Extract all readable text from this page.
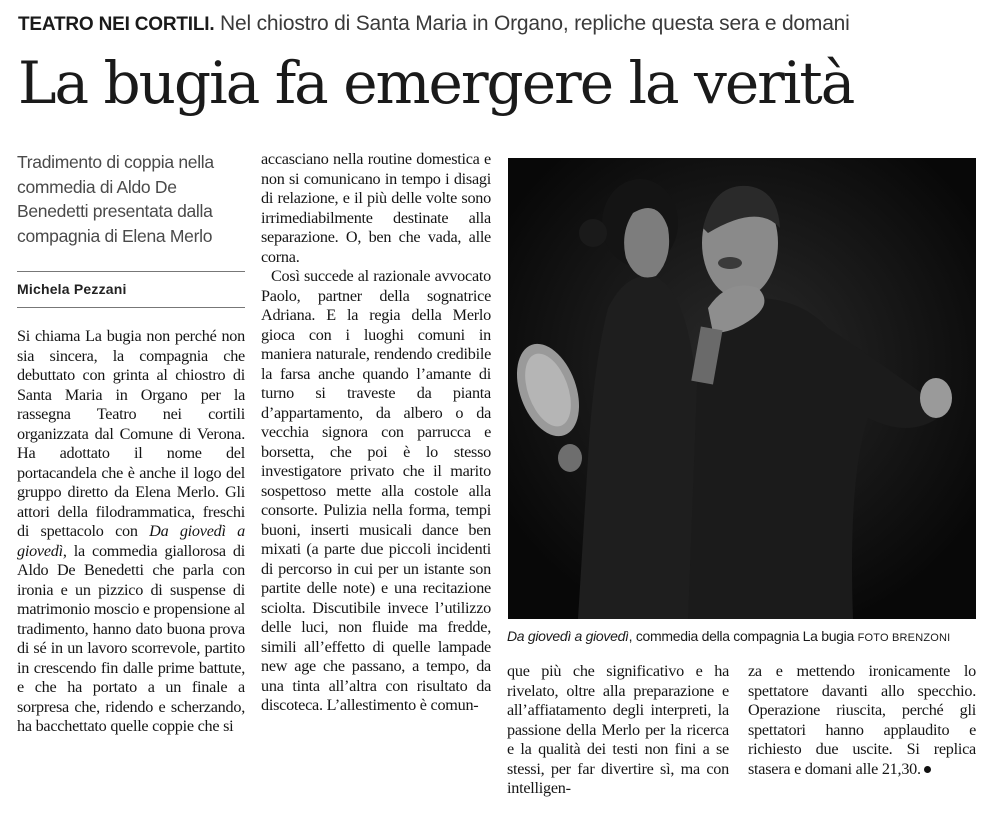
TEATRO NEI CORTILI. Nel chiostro di Santa Maria in Organo, repliche questa sera e domani
La bugia fa emergere la verità
Tradimento di coppia nella commedia di Aldo De Benedetti presentata dalla compagnia di Elena Merlo
Michela Pezzani

Si chiama La bugia non perché non sia sincera, la compagnia che debuttato con grinta al chiostro di Santa Maria in Organo per la rassegna Teatro nei cortili organizzata dal Comune di Verona. Ha adottato il nome del portacandela che è anche il logo del gruppo diretto da Elena Merlo. Gli attori della filodrammatica, freschi di spettacolo con Da giovedì a giovedì, la commedia giallorosa di Aldo De Benedetti che parla con ironia e un pizzico di suspense di matrimonio moscio e propensione al tradimento, hanno dato buona prova di sé in un lavoro scorrevole, partito in crescendo fin dalle prime battute, e che ha portato a un finale a sorpresa che, ridendo e scherzando, ha bacchettato quelle coppie che si

accasciano nella routine domestica e non si comunicano in tempo i disagi di relazione, e il più delle volte sono irrimediabilmente destinate alla separazione. O, ben che vada, alle corna.

Così succede al razionale avvocato Paolo, partner della sognatrice Adriana. E la regia della Merlo gioca con i luoghi comuni in maniera naturale, rendendo credibile la farsa anche quando l’amante di turno si traveste da pianta d’appartamento, da albero o da vecchia signora con parrucca e borsetta, che poi è lo stesso investigatore privato che il marito sospettoso mette alla costole alla consorte. Pulizia nella forma, tempi buoni, inserti musicali dance ben mixati (a parte due piccoli incidenti di percorso in cui per un istante son partite delle note) e una recitazione sciolta. Discutibile invece l’utilizzo delle luci, non fluide ma fredde, simili all’effetto di quelle lampade new age che passano, a tempo, da una tinta all’altra con risultato da discoteca. L’allestimento è comun-

Da giovedì a giovedì, commedia della compagnia La bugia FOTO BRENZONI

que più che significativo e ha rivelato, oltre alla preparazione e all’affiatamento degli interpreti, la passione della Merlo per la ricerca e la qualità dei testi non fini a se stessi, per far divertire sì, ma con intelligen-

za e mettendo ironicamente lo spettatore davanti allo specchio. Operazione riuscita, perché gli spettatori hanno applaudito e richiesto due uscite. Si replica stasera e domani alle 21,30.
